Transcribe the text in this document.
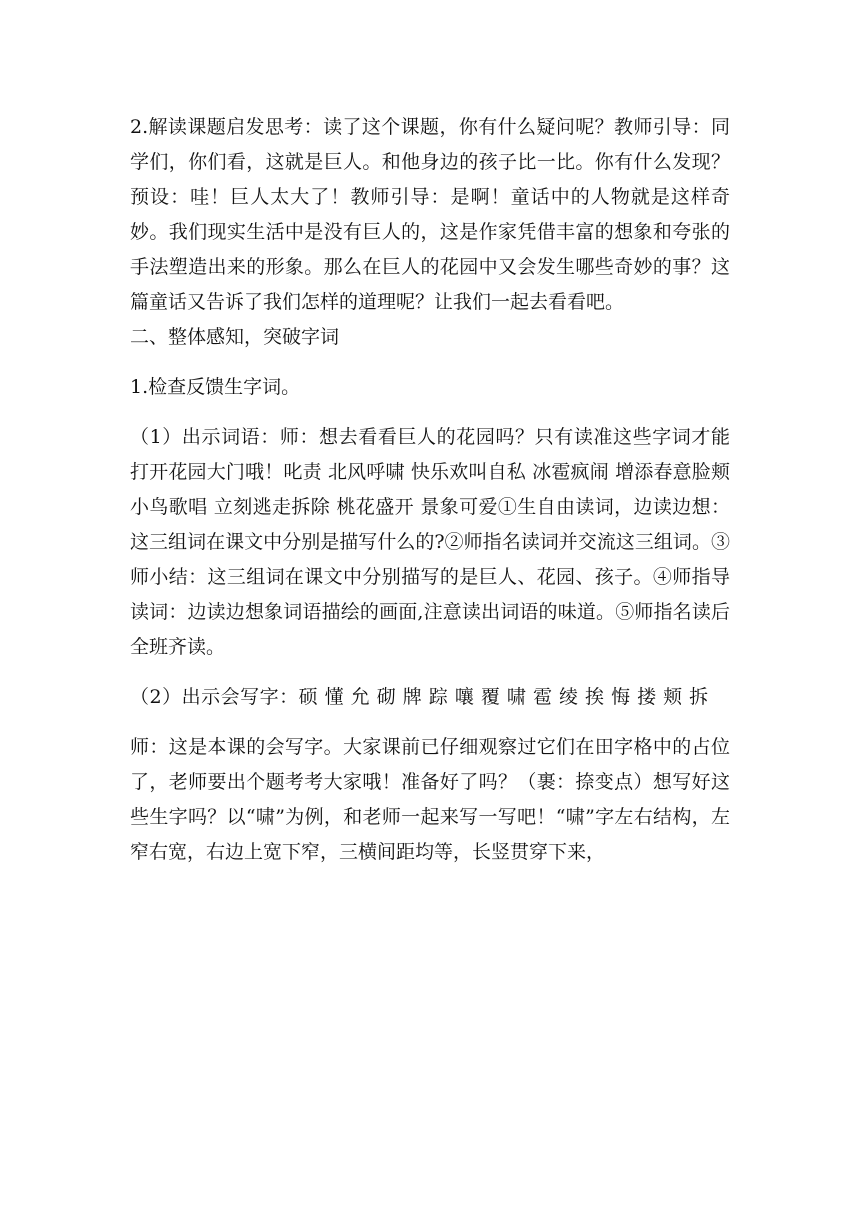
2.解读课题启发思考：读了这个课题，你有什么疑问呢？教师引导：同学们，你们看，这就是巨人。和他身边的孩子比一比。你有什么发现？预设：哇！巨人太大了！教师引导：是啊！童话中的人物就是这样奇妙。我们现实生活中是没有巨人的，这是作家凭借丰富的想象和夸张的手法塑造出来的形象。那么在巨人的花园中又会发生哪些奇妙的事？这篇童话又告诉了我们怎样的道理呢？让我们一起去看看吧。

二、整体感知，突破字词

1.检查反馈生字词。

（1）出示词语：师：想去看看巨人的花园吗？只有读准这些字词才能打开花园大门哦！叱责 北风呼啸 快乐欢叫自私 冰雹疯闹 增添春意脸颊 小鸟歌唱 立刻逃走拆除 桃花盛开 景象可爱①生自由读词，边读边想：这三组词在课文中分别是描写什么的?②师指名读词并交流这三组词。③师小结：这三组词在课文中分别描写的是巨人、花园、孩子。④师指导读词：边读边想象词语描绘的画面,注意读出词语的味道。⑤师指名读后全班齐读。

（2）出示会写字：硕 懂 允 砌 牌 踪 嚷 覆 啸 雹 绫 挨 悔 搂 颊 拆

师：这是本课的会写字。大家课前已仔细观察过它们在田字格中的占位了，老师要出个题考考大家哦！准备好了吗？（裹：捺变点）想写好这些生字吗？以“啸”为例，和老师一起来写一写吧！“啸”字左右结构，左窄右宽，右边上宽下窄，三横间距均等，长竖贯穿下来，
